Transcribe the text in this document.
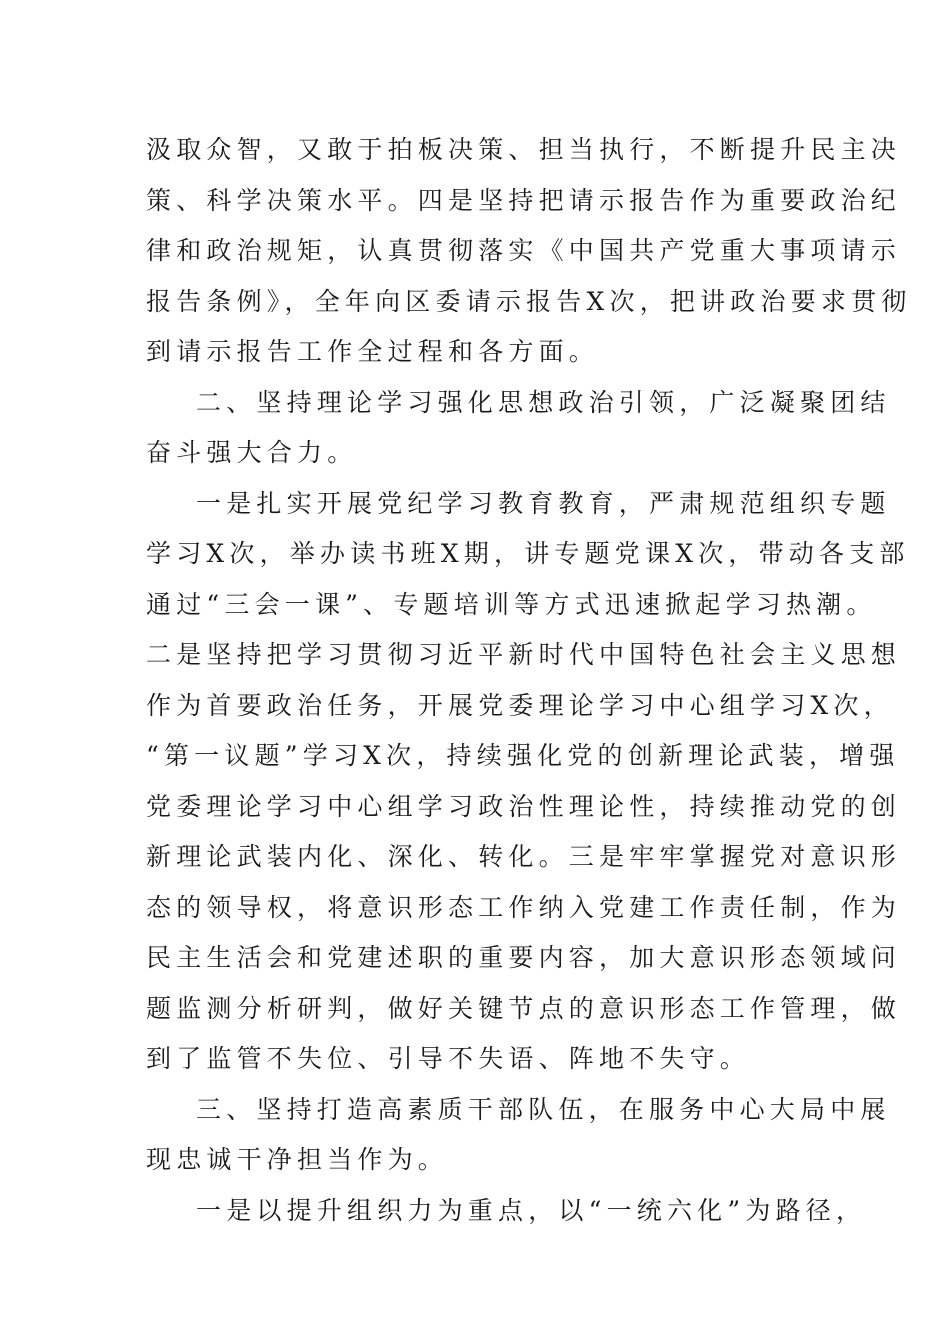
汲取众智，又敢于拍板决策、担当执行，不断提升民主决
策、科学决策水平。四是坚持把请示报告作为重要政治纪
律和政治规矩，认真贯彻落实《中国共产党重大事项请示
报告条例》，全年向区委请示报告X次，把讲政治要求贯彻
到请示报告工作全过程和各方面。
二、坚持理论学习强化思想政治引领，广泛凝聚团结
奋斗强大合力。
一是扎实开展党纪学习教育教育，严肃规范组织专题
学习X次，举办读书班X期，讲专题党课X次，带动各支部
通过“三会一课”、专题培训等方式迅速掀起学习热潮。
二是坚持把学习贯彻习近平新时代中国特色社会主义思想
作为首要政治任务，开展党委理论学习中心组学习X次，
“第一议题”学习X次，持续强化党的创新理论武装，增强
党委理论学习中心组学习政治性理论性，持续推动党的创
新理论武装内化、深化、转化。三是牢牢掌握党对意识形
态的领导权，将意识形态工作纳入党建工作责任制，作为
民主生活会和党建述职的重要内容，加大意识形态领域问
题监测分析研判，做好关键节点的意识形态工作管理，做
到了监管不失位、引导不失语、阵地不失守。
三、坚持打造高素质干部队伍，在服务中心大局中展
现忠诚干净担当作为。
一是以提升组织力为重点，以“一统六化”为路径，
